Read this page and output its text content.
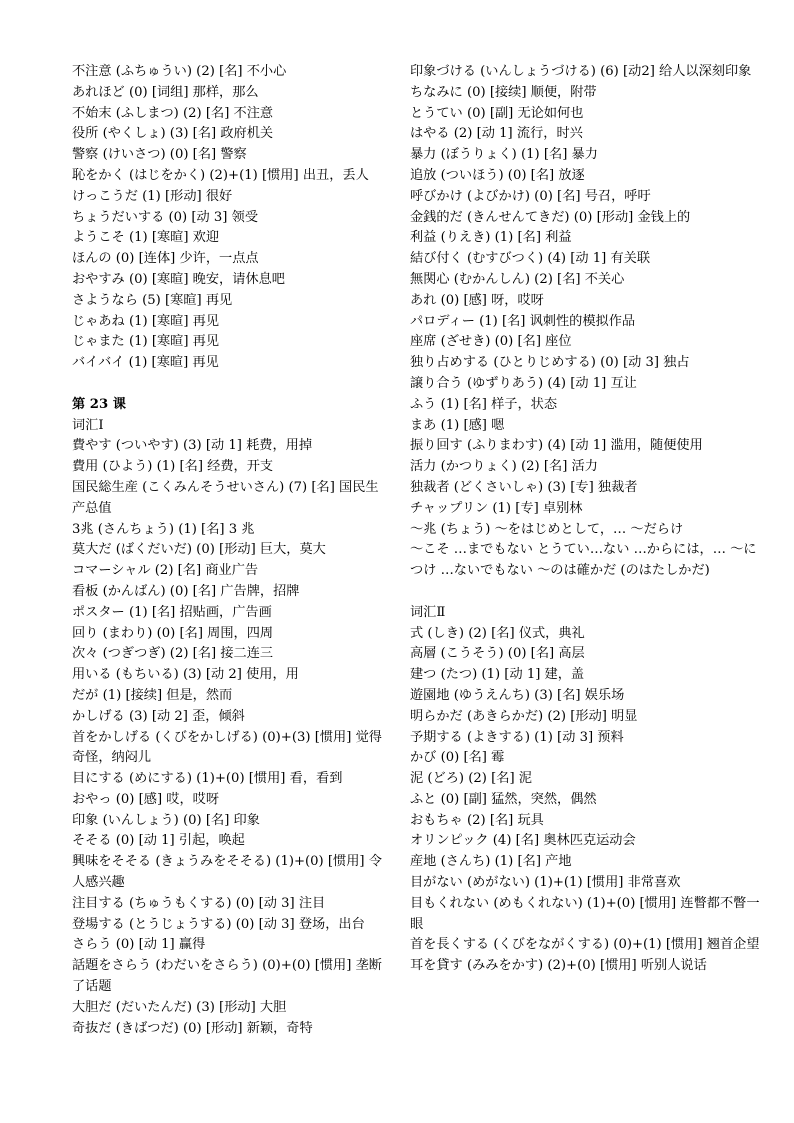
不注意 (ふちゅうい) (2) [名] 不小心
あれほど (0) [词组] 那样，那么
不始末 (ふしまつ) (2) [名] 不注意
役所 (やくしょ) (3) [名] 政府机关
警察 (けいさつ) (0) [名] 警察
恥をかく (はじをかく) (2)+(1) [惯用] 出丑，丢人
けっこうだ (1) [形动] 很好
ちょうだいする (0) [动 3] 领受
ようこそ (1) [寒暄] 欢迎
ほんの (0) [连体] 少许，一点点
おやすみ (0) [寒暄] 晚安，请休息吧
さようなら (5) [寒暄] 再见
じゃあね (1) [寒暄] 再见
じゃまた (1) [寒暄] 再见
バイバイ (1) [寒暄] 再见
第 23 课
词汇Ⅰ
費やす (ついやす) (3) [动 1] 耗费，用掉
費用 (ひよう) (1) [名] 经费，开支
国民総生産 (こくみんそうせいさん) (7) [名] 国民生产总值
3兆 (さんちょう) (1) [名] 3 兆
莫大だ (ばくだいだ) (0) [形动] 巨大，莫大
コマーシャル (2) [名] 商业广告
看板 (かんばん) (0) [名] 广告牌，招牌
ポスター (1) [名] 招贴画，广告画
回り (まわり) (0) [名] 周围，四周
次々 (つぎつぎ) (2) [名] 接二连三
用いる (もちいる) (3) [动 2] 使用，用
だが (1) [接续] 但是，然而
かしげる (3) [动 2] 歪，倾斜
首をかしげる (くびをかしげる) (0)+(3) [惯用] 觉得奇怪，纳闷儿
目にする (めにする) (1)+(0) [惯用] 看，看到
おやっ (0) [感] 哎，哎呀
印象 (いんしょう) (0) [名] 印象
そそる (0) [动 1] 引起，唤起
興味をそそる (きょうみをそそる) (1)+(0) [惯用] 令人感兴趣
注目する (ちゅうもくする) (0) [动 3] 注目
登場する (とうじょうする) (0) [动 3] 登场，出台
さらう (0) [动 1] 赢得
話題をさらう (わだいをさらう) (0)+(0) [惯用] 垄断了话题
大胆だ (だいたんだ) (3) [形动] 大胆
奇抜だ (きばつだ) (0) [形动] 新颖，奇特
印象づける (いんしょうづける) (6) [动2] 给人以深刻印象
ちなみに (0) [接续] 顺便，附带
とうてい (0) [副] 无论如何也
はやる (2) [动 1] 流行，时兴
暴力 (ぼうりょく) (1) [名] 暴力
追放 (ついほう) (0) [名] 放逐
呼びかけ (よびかけ) (0) [名] 号召，呼吁
金銭的だ (きんせんてきだ) (0) [形动] 金钱上的
利益 (りえき) (1) [名] 利益
結び付く (むすびつく) (4) [动 1] 有关联
無関心 (むかんしん) (2) [名] 不关心
あれ (0) [感] 呀，哎呀
パロディー (1) [名] 讽刺性的模拟作品
座席 (ざせき) (0) [名] 座位
独り占めする (ひとりじめする) (0) [动 3] 独占
譲り合う (ゆずりあう) (4) [动 1] 互让
ふう (1) [名] 样子，状态
まあ (1) [感] 嗯
振り回す (ふりまわす) (4) [动 1] 滥用，随便使用
活力 (かつりょく) (2) [名] 活力
独裁者 (どくさいしゃ) (3) [专] 独裁者
チャップリン (1) [专] 卓别林
～兆 (ちょう) ～をはじめとして，… ～だらけ
～こそ …までもない とうてい…ない …からには，… ～につけ …ないでもない ～のは確かだ (のはたしかだ)
词汇Ⅱ
式 (しき) (2) [名] 仪式，典礼
高層 (こうそう) (0) [名] 高层
建つ (たつ) (1) [动 1] 建，盖
遊園地 (ゆうえんち) (3) [名] 娱乐场
明らかだ (あきらかだ) (2) [形动] 明显
予期する (よきする) (1) [动 3] 预料
かび (0) [名] 霉
泥 (どろ) (2) [名] 泥
ふと (0) [副] 猛然，突然，偶然
おもちゃ (2) [名] 玩具
オリンピック (4) [名] 奥林匹克运动会
産地 (さんち) (1) [名] 产地
目がない (めがない) (1)+(1) [惯用] 非常喜欢
目もくれない (めもくれない) (1)+(0) [惯用] 连瞥都不瞥一眼
首を長くする (くびをながくする) (0)+(1) [惯用] 翘首企望
耳を貸す (みみをかす) (2)+(0) [惯用] 听别人说话
